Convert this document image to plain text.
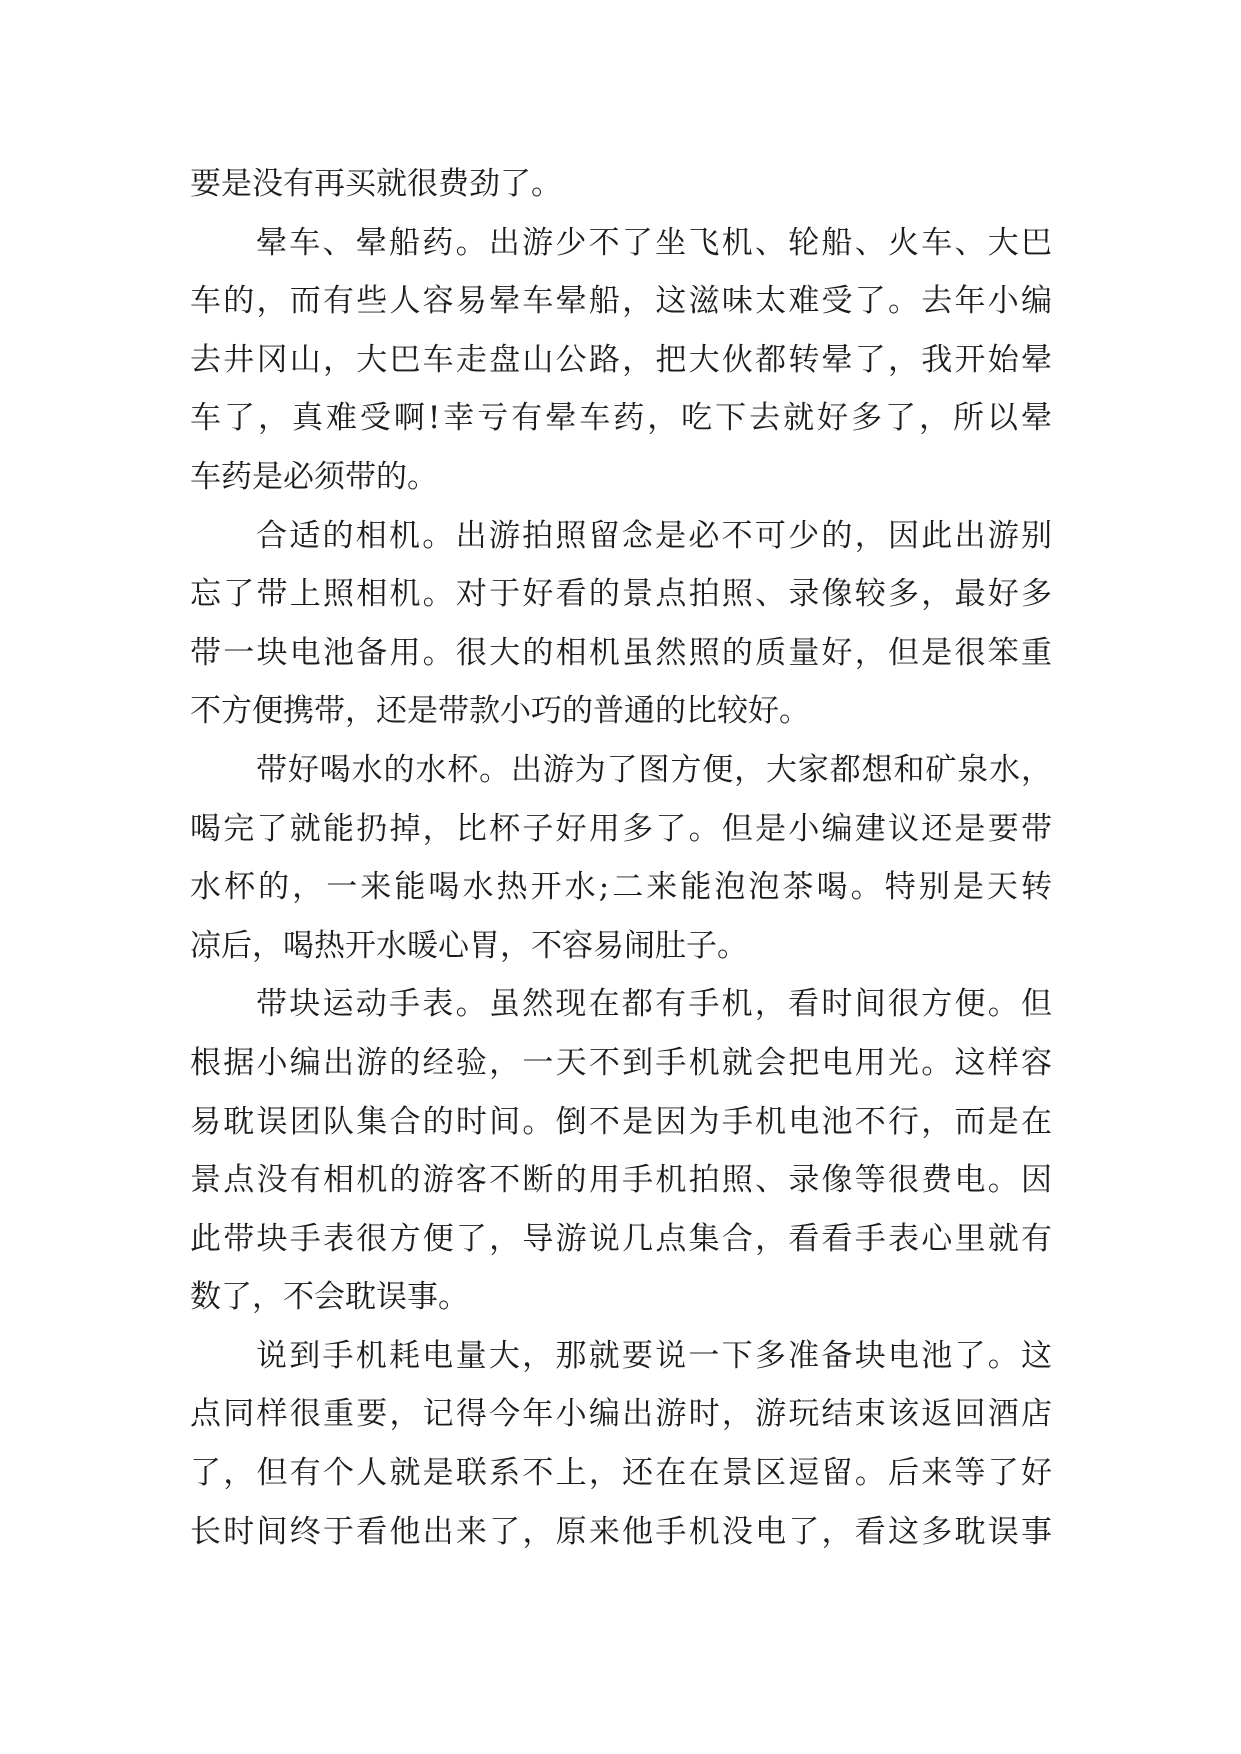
要是没有再买就很费劲了。
晕车、晕船药。出游少不了坐飞机、轮船、火车、大巴
车的，而有些人容易晕车晕船，这滋味太难受了。去年小编
去井冈山，大巴车走盘山公路，把大伙都转晕了，我开始晕
车了，真难受啊!幸亏有晕车药，吃下去就好多了，所以晕
车药是必须带的。
合适的相机。出游拍照留念是必不可少的，因此出游别
忘了带上照相机。对于好看的景点拍照、录像较多，最好多
带一块电池备用。很大的相机虽然照的质量好，但是很笨重
不方便携带，还是带款小巧的普通的比较好。
带好喝水的水杯。出游为了图方便，大家都想和矿泉水，
喝完了就能扔掉，比杯子好用多了。但是小编建议还是要带
水杯的，一来能喝水热开水;二来能泡泡茶喝。特别是天转
凉后，喝热开水暖心胃，不容易闹肚子。
带块运动手表。虽然现在都有手机，看时间很方便。但
根据小编出游的经验，一天不到手机就会把电用光。这样容
易耽误团队集合的时间。倒不是因为手机电池不行，而是在
景点没有相机的游客不断的用手机拍照、录像等很费电。因
此带块手表很方便了，导游说几点集合，看看手表心里就有
数了，不会耽误事。
说到手机耗电量大，那就要说一下多准备块电池了。这
点同样很重要，记得今年小编出游时，游玩结束该返回酒店
了，但有个人就是联系不上，还在在景区逗留。后来等了好
长时间终于看他出来了，原来他手机没电了，看这多耽误事
